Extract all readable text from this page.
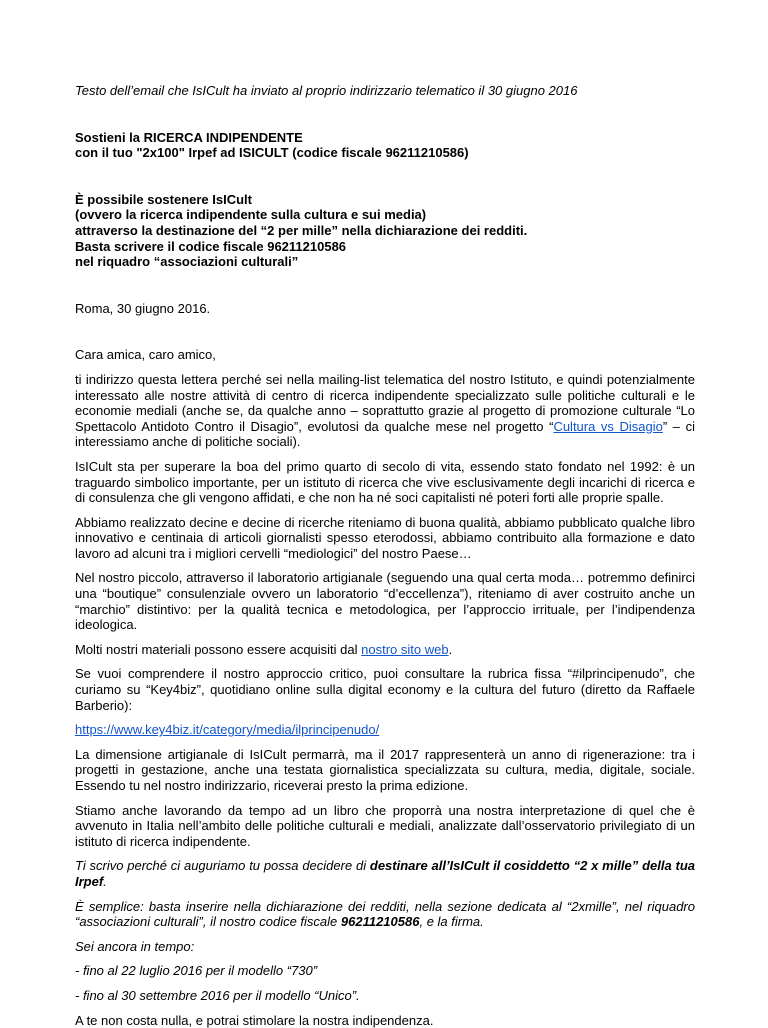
Testo dell’email che IsICult ha inviato al proprio indirizzario telematico il 30 giugno 2016

Sostieni la RICERCA INDIPENDENTE
con il tuo "2x100" Irpef ad ISICULT (codice fiscale 96211210586)

È possibile sostenere IsICult
(ovvero la ricerca indipendente sulla cultura e sui media)
attraverso la destinazione del “2 per mille” nella dichiarazione dei redditi.
Basta scrivere il codice fiscale 96211210586
nel riquadro “associazioni culturali”

Roma, 30 giugno 2016.

Cara amica, caro amico,

ti indirizzo questa lettera perché sei nella mailing-list telematica del nostro Istituto, e quindi potenzialmente interessato alle nostre attività di centro di ricerca indipendente specializzato sulle politiche culturali e le economie mediali (anche se, da qualche anno – soprattutto grazie al progetto di promozione culturale “Lo Spettacolo Antidoto Contro il Disagio”, evolutosi da qualche mese nel progetto “Cultura vs Disagio” – ci interessiamo anche di politiche sociali).

IsICult sta per superare la boa del primo quarto di secolo di vita, essendo stato fondato nel 1992: è un traguardo simbolico importante, per un istituto di ricerca che vive esclusivamente degli incarichi di ricerca e di consulenza che gli vengono affidati, e che non ha né soci capitalisti né poteri forti alle proprie spalle.

Abbiamo realizzato decine e decine di ricerche riteniamo di buona qualità, abbiamo pubblicato qualche libro innovativo e centinaia di articoli giornalisti spesso eterodossi, abbiamo contribuito alla formazione e dato lavoro ad alcuni tra i migliori cervelli “mediologici” del nostro Paese…

Nel nostro piccolo, attraverso il laboratorio artigianale (seguendo una qual certa moda… potremmo definirci una “boutique” consulenziale ovvero un laboratorio “d’eccellenza”), riteniamo di aver costruito anche un “marchio” distintivo: per la qualità tecnica e metodologica, per l’approccio irrituale, per l’indipendenza ideologica.

Molti nostri materiali possono essere acquisiti dal nostro sito web.

Se vuoi comprendere il nostro approccio critico, puoi consultare la rubrica fissa “#ilprincipenudo”, che curiamo su “Key4biz”, quotidiano online sulla digital economy e la cultura del futuro (diretto da Raffaele Barberio):

https://www.key4biz.it/category/media/ilprincipenudo/

La dimensione artigianale di IsICult permarrà, ma il 2017 rappresenterà un anno di rigenerazione: tra i progetti in gestazione, anche una testata giornalistica specializzata su cultura, media, digitale, sociale. Essendo tu nel nostro indirizzario, riceverai presto la prima edizione.

Stiamo anche lavorando da tempo ad un libro che proporrà una nostra interpretazione di quel che è avvenuto in Italia nell’ambito delle politiche culturali e mediali, analizzate dall’osservatorio privilegiato di un istituto di ricerca indipendente.

Ti scrivo perché ci auguriamo tu possa decidere di destinare all’IsICult il cosiddetto “2 x mille” della tua Irpef.

È semplice: basta inserire nella dichiarazione dei redditi, nella sezione dedicata al “2xmille”, nel riquadro “associazioni culturali”, il nostro codice fiscale 96211210586, e la firma.

Sei ancora in tempo:

- fino al 22 luglio 2016 per il modello “730”

- fino al 30 settembre 2016 per il modello “Unico”.

A te non costa nulla, e potrai stimolare la nostra indipendenza.
